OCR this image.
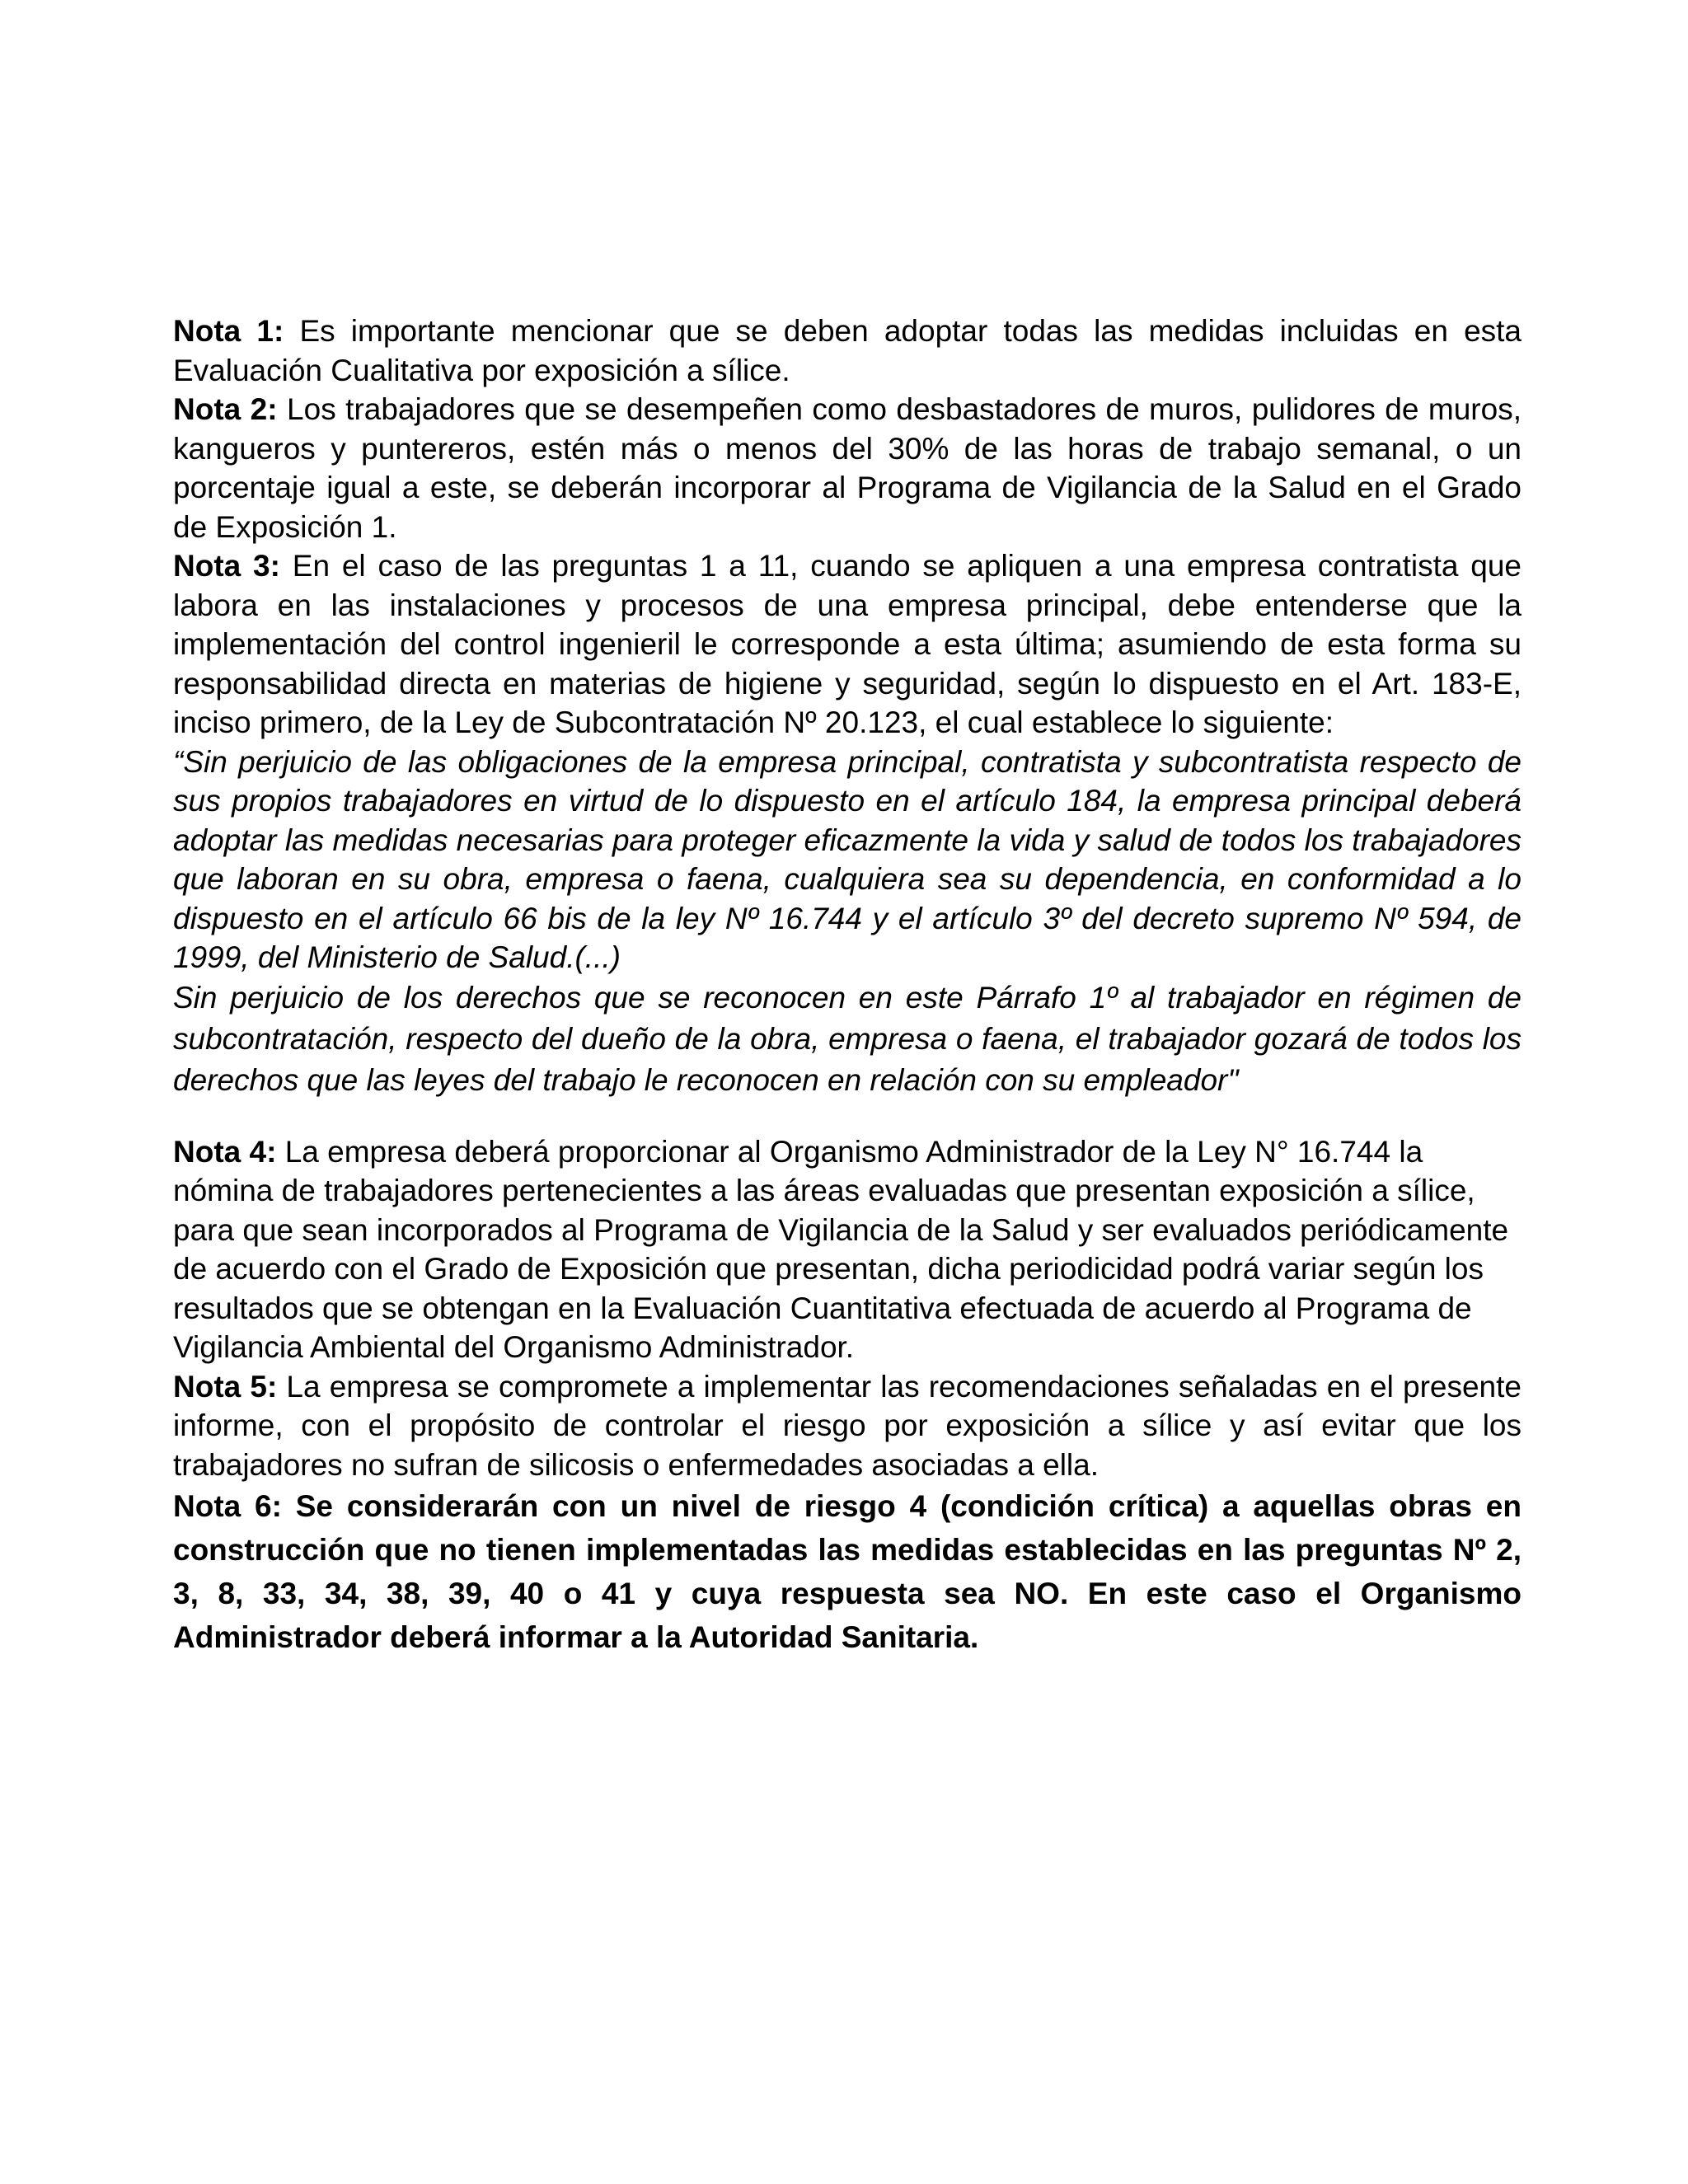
Nota 1: Es importante mencionar que se deben adoptar todas las medidas incluidas en esta Evaluación Cualitativa por exposición a sílice.

Nota 2: Los trabajadores que se desempeñen como desbastadores de muros, pulidores de muros, kangueros y puntereros, estén más o menos del 30% de las horas de trabajo semanal, o un porcentaje igual a este, se deberán incorporar al Programa de Vigilancia de la Salud en el Grado de Exposición 1.

Nota 3: En el caso de las preguntas 1 a 11, cuando se apliquen a una empresa contratista que labora en las instalaciones y procesos de una empresa principal, debe entenderse que la implementación del control ingenieril le corresponde a esta última; asumiendo de esta forma su responsabilidad directa en materias de higiene y seguridad, según lo dispuesto en el Art. 183-E, inciso primero, de la Ley de Subcontratación Nº 20.123, el cual establece lo siguiente:

“Sin perjuicio de las obligaciones de la empresa principal, contratista y subcontratista respecto de sus propios trabajadores en virtud de lo dispuesto en el artículo 184, la empresa principal deberá adoptar las medidas necesarias para proteger eficazmente la vida y salud de todos los trabajadores que laboran en su obra, empresa o faena, cualquiera sea su dependencia, en conformidad a lo dispuesto en el artículo 66 bis de la ley Nº 16.744 y el artículo 3º del decreto supremo Nº 594, de 1999, del Ministerio de Salud.(...)

Sin perjuicio de los derechos que se reconocen en este Párrafo 1º al trabajador en régimen de subcontratación, respecto del dueño de la obra, empresa o faena, el trabajador gozará de todos los derechos que las leyes del trabajo le reconocen en relación con su empleador"

Nota 4: La empresa deberá proporcionar al Organismo Administrador de la Ley N° 16.744 la nómina de trabajadores pertenecientes a las áreas evaluadas que presentan exposición a sílice, para que sean incorporados al Programa de Vigilancia de la Salud y ser evaluados periódicamente de acuerdo con el Grado de Exposición que presentan, dicha periodicidad podrá variar según los resultados que se obtengan en la Evaluación Cuantitativa efectuada de acuerdo al Programa de Vigilancia Ambiental del Organismo Administrador.

Nota 5: La empresa se compromete a implementar las recomendaciones señaladas en el presente informe, con el propósito de controlar el riesgo por exposición a sílice y así evitar que los trabajadores no sufran de silicosis o enfermedades asociadas a ella.

Nota 6: Se considerarán con un nivel de riesgo 4 (condición crítica) a aquellas obras en construcción que no tienen implementadas las medidas establecidas en las preguntas Nº 2, 3, 8, 33, 34, 38, 39, 40 o 41 y cuya respuesta sea NO. En este caso el Organismo Administrador deberá informar a la Autoridad Sanitaria.
